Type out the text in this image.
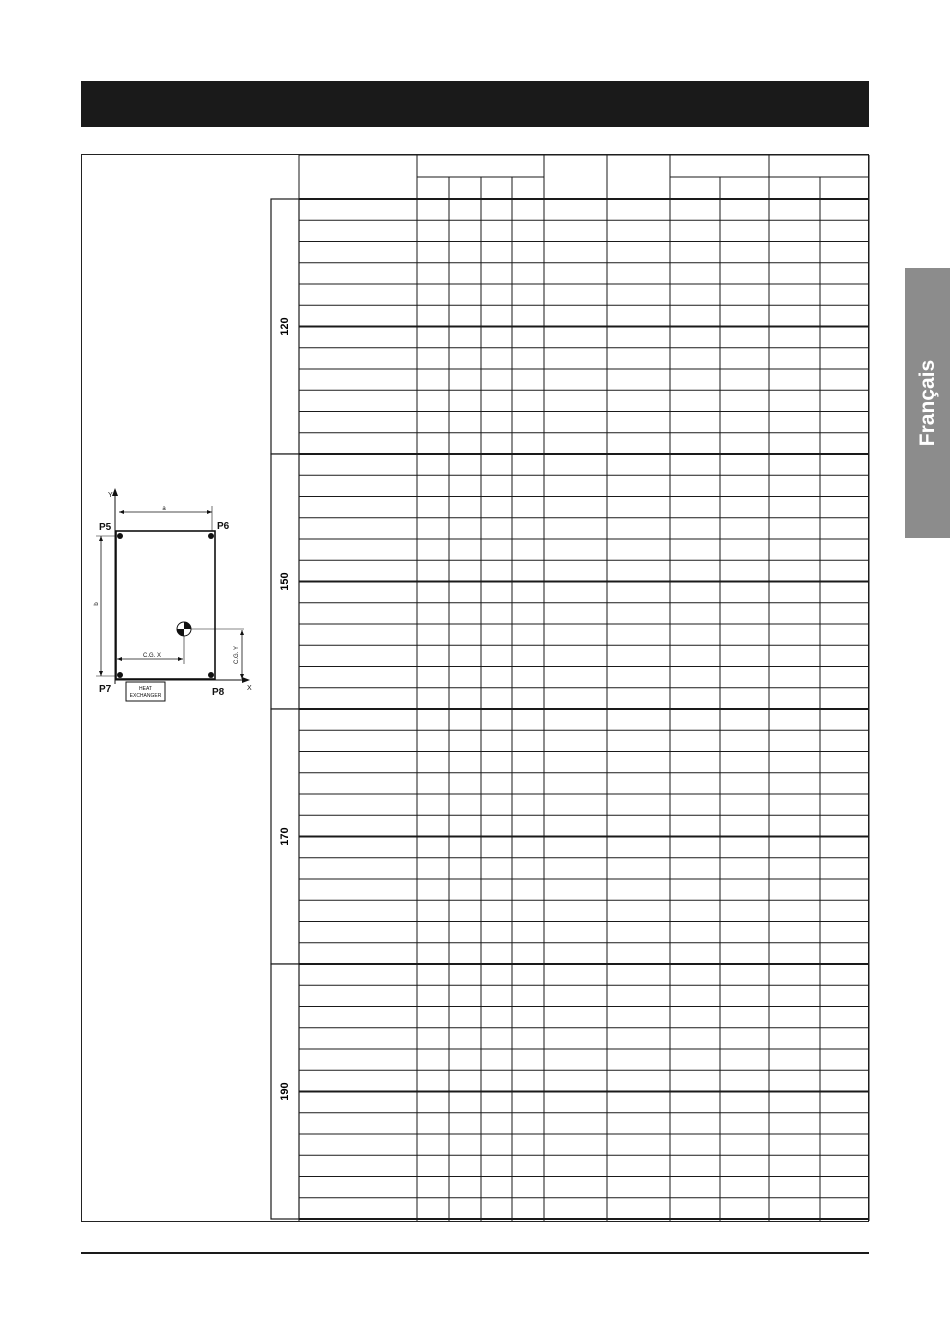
Français
120
150
170
190
Y
X
a
b
P5	P6
P7	P8
C.G. X	C.G. Y
HEAT
EXCHANGER
